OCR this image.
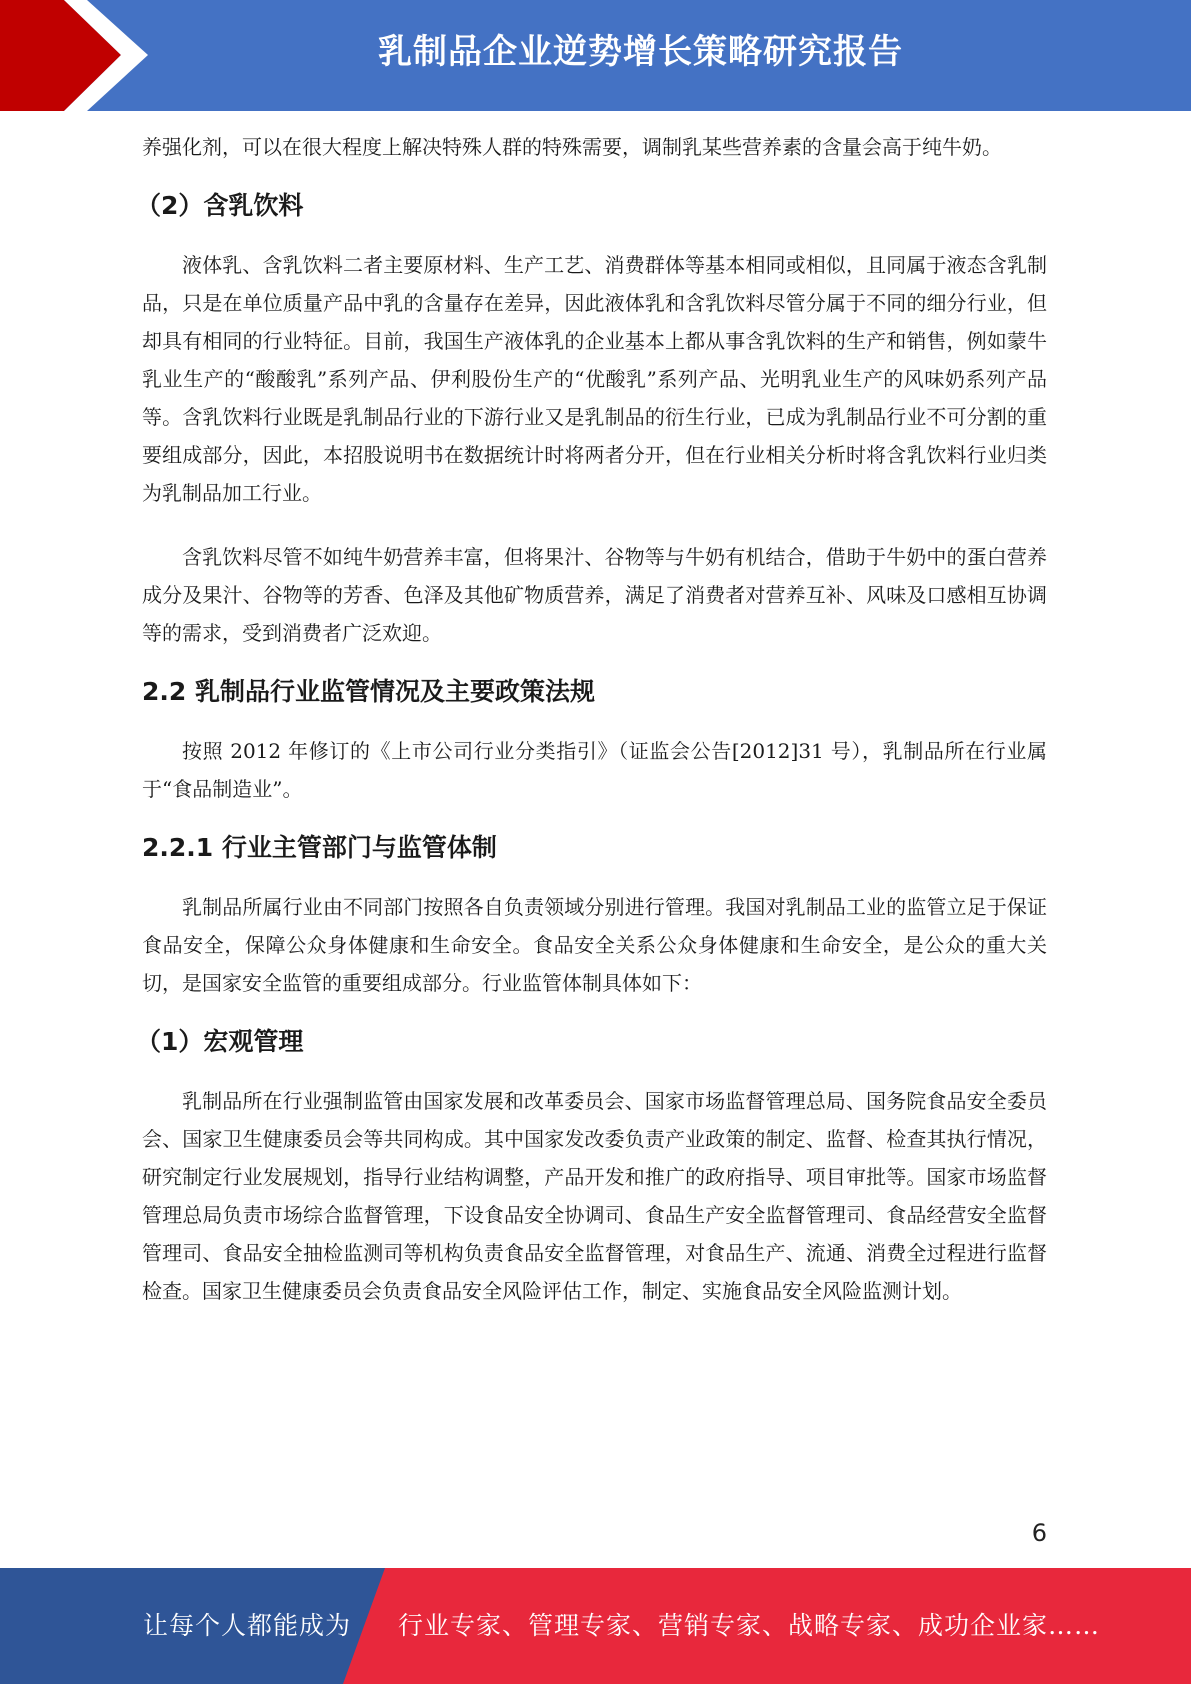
乳制品企业逆势增长策略研究报告

养强化剂，可以在很大程度上解决特殊人群的特殊需要，调制乳某些营养素的含量会高于纯牛奶。

（2）含乳饮料

液体乳、含乳饮料二者主要原材料、生产工艺、消费群体等基本相同或相似，且同属于液态含乳制品，只是在单位质量产品中乳的含量存在差异，因此液体乳和含乳饮料尽管分属于不同的细分行业，但却具有相同的行业特征。目前，我国生产液体乳的企业基本上都从事含乳饮料的生产和销售，例如蒙牛乳业生产的“酸酸乳”系列产品、伊利股份生产的“优酸乳”系列产品、光明乳业生产的风味奶系列产品等。含乳饮料行业既是乳制品行业的下游行业又是乳制品的衍生行业，已成为乳制品行业不可分割的重要组成部分，因此，本招股说明书在数据统计时将两者分开，但在行业相关分析时将含乳饮料行业归类为乳制品加工行业。

含乳饮料尽管不如纯牛奶营养丰富，但将果汁、谷物等与牛奶有机结合，借助于牛奶中的蛋白营养成分及果汁、谷物等的芳香、色泽及其他矿物质营养，满足了消费者对营养互补、风味及口感相互协调等的需求，受到消费者广泛欢迎。

2.2 乳制品行业监管情况及主要政策法规

按照 2012 年修订的《上市公司行业分类指引》（证监会公告[2012]31 号），乳制品所在行业属于“食品制造业”。

2.2.1 行业主管部门与监管体制

乳制品所属行业由不同部门按照各自负责领域分别进行管理。我国对乳制品工业的监管立足于保证食品安全，保障公众身体健康和生命安全。食品安全关系公众身体健康和生命安全，是公众的重大关切，是国家安全监管的重要组成部分。行业监管体制具体如下：

（1）宏观管理

乳制品所在行业强制监管由国家发展和改革委员会、国家市场监督管理总局、国务院食品安全委员会、国家卫生健康委员会等共同构成。其中国家发改委负责产业政策的制定、监督、检查其执行情况，研究制定行业发展规划，指导行业结构调整，产品开发和推广的政府指导、项目审批等。国家市场监督管理总局负责市场综合监督管理，下设食品安全协调司、食品生产安全监督管理司、食品经营安全监督管理司、食品安全抽检监测司等机构负责食品安全监督管理，对食品生产、流通、消费全过程进行监督检查。国家卫生健康委员会负责食品安全风险评估工作，制定、实施食品安全风险监测计划。

6
让每个人都能成为 行业专家、管理专家、营销专家、战略专家、成功企业家……
